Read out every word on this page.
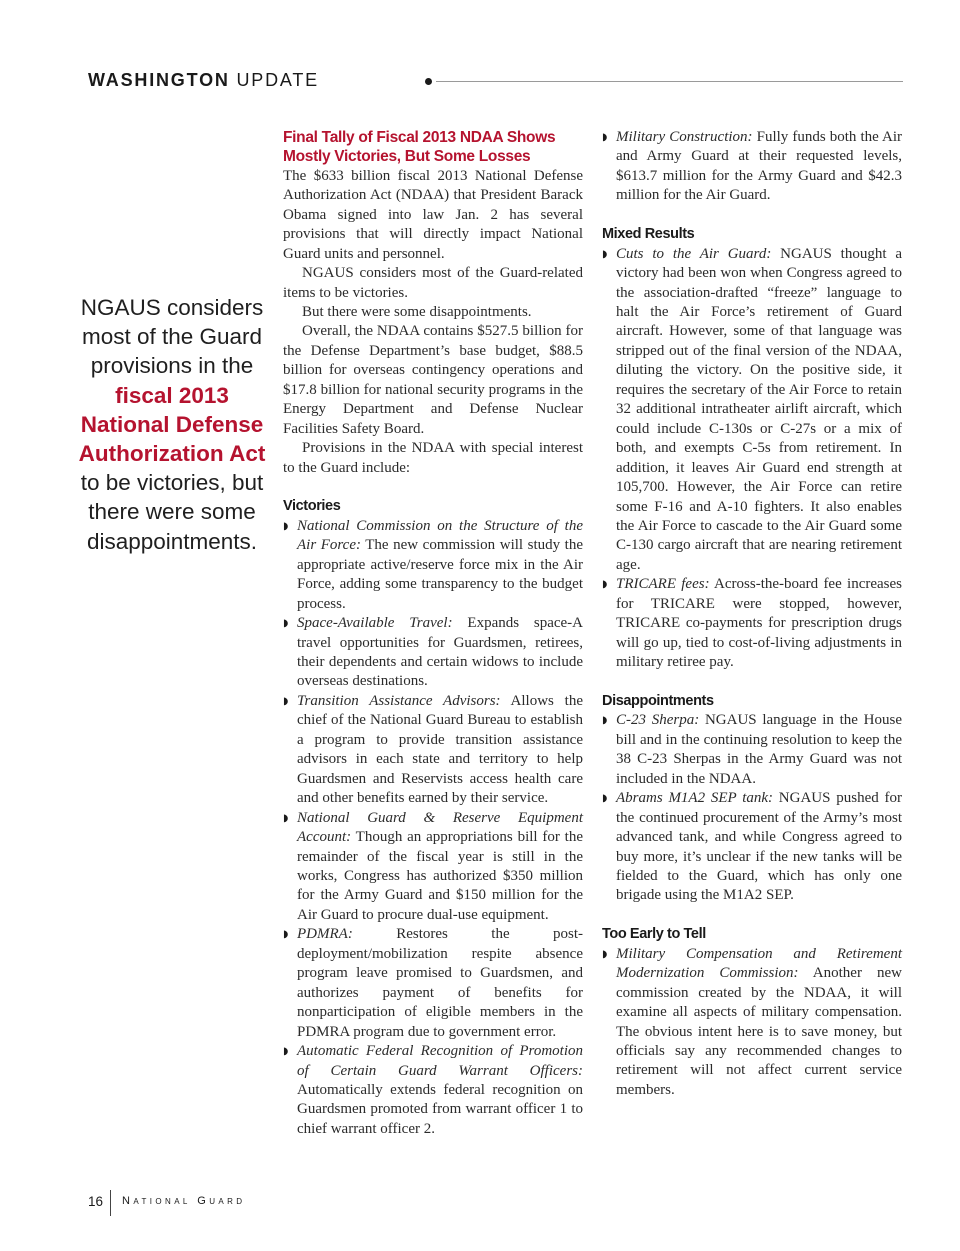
WASHINGTON UPDATE
NGAUS considers most of the Guard provisions in the fiscal 2013 National Defense Authorization Act to be victories, but there were some disappointments.
Final Tally of Fiscal 2013 NDAA Shows Mostly Victories, But Some Losses

The $633 billion fiscal 2013 National Defense Authorization Act (NDAA) that President Barack Obama signed into law Jan. 2 has several provisions that will directly impact National Guard units and personnel.

NGAUS considers most of the Guard-related items to be victories.

But there were some disappointments.

Overall, the NDAA contains $527.5 billion for the Defense Department’s base budget, $88.5 billion for overseas contingency operations and $17.8 billion for national security programs in the Energy Department and Defense Nuclear Facilities Safety Board.

Provisions in the NDAA with special interest to the Guard include:

Victories

◗ National Commission on the Structure of the Air Force: The new commission will study the appropriate active/reserve force mix in the Air Force, adding some transparency to the budget process.

◗ Space-Available Travel: Expands space-A travel opportunities for Guardsmen, retirees, their dependents and certain widows to include overseas destinations.

◗ Transition Assistance Advisors: Allows the chief of the National Guard Bureau to establish a program to provide transition assistance advisors in each state and territory to help Guardsmen and Reservists access health care and other benefits earned by their service.

◗ National Guard & Reserve Equipment Account: Though an appropriations bill for the remainder of the fiscal year is still in the works, Congress has authorized $350 million for the Army Guard and $150 million for the Air Guard to procure dual-use equipment.

◗ PDMRA: Restores the post-deployment/mobilization respite absence program leave promised to Guardsmen, and authorizes payment of benefits for nonparticipation of eligible members in the PDMRA program due to government error.

◗ Automatic Federal Recognition of Promotion of Certain Guard Warrant Officers: Automatically extends federal recognition on Guardsmen promoted from warrant officer 1 to chief warrant officer 2.

◗ Military Construction: Fully funds both the Air and Army Guard at their requested levels, $613.7 million for the Army Guard and $42.3 million for the Air Guard.

Mixed Results

◗ Cuts to the Air Guard: NGAUS thought a victory had been won when Congress agreed to the association-drafted “freeze” language to halt the Air Force’s retirement of Guard aircraft. However, some of that language was stripped out of the final version of the NDAA, diluting the victory. On the positive side, it requires the secretary of the Air Force to retain 32 additional intratheater airlift aircraft, which could include C-130s or C-27s or a mix of both, and exempts C-5s from retirement. In addition, it leaves Air Guard end strength at 105,700. However, the Air Force can retire some F-16 and A-10 fighters. It also enables the Air Force to cascade to the Air Guard some C-130 cargo aircraft that are nearing retirement age.

◗ TRICARE fees: Across-the-board fee increases for TRICARE were stopped, however, TRICARE co-payments for prescription drugs will go up, tied to cost-of-living adjustments in military retiree pay.

Disappointments

◗ C-23 Sherpa: NGAUS language in the House bill and in the continuing resolution to keep the 38 C-23 Sherpas in the Army Guard was not included in the NDAA.

◗ Abrams M1A2 SEP tank: NGAUS pushed for the continued procurement of the Army’s most advanced tank, and while Congress agreed to buy more, it’s unclear if the new tanks will be fielded to the Guard, which has only one brigade using the M1A2 SEP.

Too Early to Tell

◗ Military Compensation and Retirement Modernization Commission: Another new commission created by the NDAA, it will examine all aspects of military compensation. The obvious intent here is to save money, but officials say any recommended changes to retirement will not affect current service members.

16 National Guard
